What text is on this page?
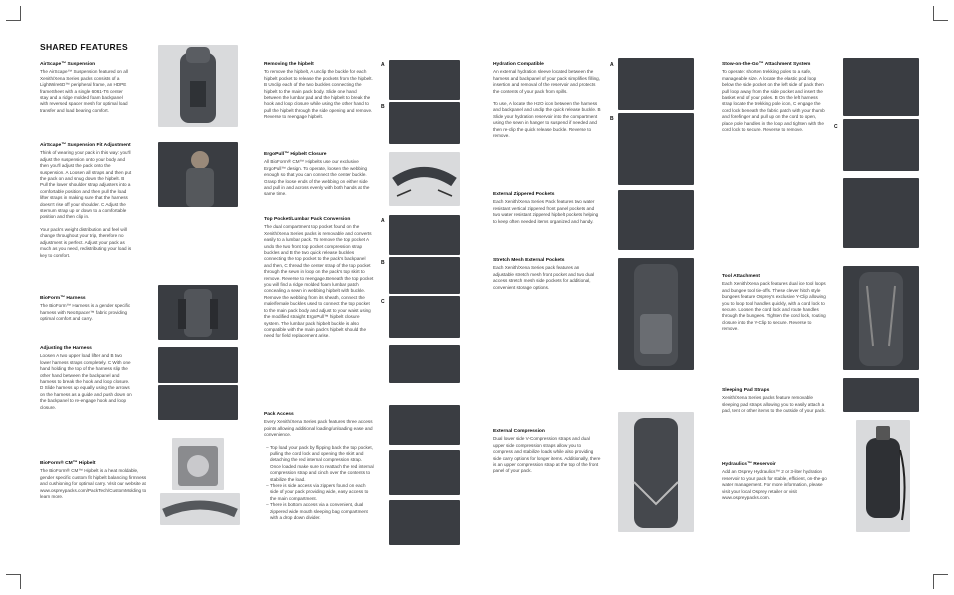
SHARED FEATURES
AirScape™ Suspension

The AirScape™ Suspension featured on all Xenith/Xena Series packs consists of a LightWire6D™ peripheral frame, an HDPE frameSheet with a single 6061-T6 center stay and a ridge molded foam backpanel with reversed spacer mesh for optimal load transfer and load bearing comfort.

AirScape™ Suspension Fit Adjustment

Think of wearing your pack in this way: you'll adjust the suspension onto your body and then you'll adjust the pack onto the suspension. A Loosen all straps and then put the pack on and snug down the hipbelt. B Pull the lower shoulder strap adjusters into a comfortable position and then pull the load lifter straps in making sure that the harness doesn't rise off your shoulder. C Adjust the sternum strap up or down to a comfortable position and then clip in.

Your pack's weight distribution and feel will change throughout your trip, therefore no adjustment is perfect. Adjust your pack as much as you need, redistributing your load is key to comfort.

BioForm™ Harness

The BioForm™ Harness is a gender specific harness with NeoSpacer™ fabric providing optimal comfort and carry.

Adjusting the Harness

Loosen A two upper load lifter and B two lower harness straps completely. C With one hand holding the top of the harness slip the other hand between the backpanel and harness to break the hook and loop closure. D Slide harness up equally using the arrows on the harness as a guide and push down on the backpanel to re-engage hook and loop closure.

BioForm® CM™ Hipbelt

The BioForm® CM™ Hipbelt is a heat moldable, gender specific custom fit hipbelt balancing firmness and cushioning for optimal carry. Visit our website at www.ospreypacks.com/PackTech/CustomMolding to learn more.

Removing the hipbelt

To remove the hipbelt, A unclip the buckle for each hipbelt pocket to release the pockets from the hipbelt. B Unclip each of the two buckles connecting the hipbelt to the main pack body. Slide one hand between the lumbar pad and the hipbelt to break the hook and loop closure while using the other hand to pull the hipbelt through the side opening and remove. Reverse to reengage hipbelt.

ErgoPull™ Hipbelt Closure

All BioForm® CM™ Hipbelts use our exclusive ErgoPull™ design. To operate, loosen the webbing enough so that you can connect the center buckle. Grasp the loose ends of the webbing on either side and pull in and across evenly with both hands at the same time.

Top Pocket/Lumbar Pack Conversion

The dual compartment top pocket found on the Xenith/Xena Series packs is removable and converts easily to a lumbar pack. To remove the top pocket A undo the two front top pocket compression strap buckles and B the two quick release buckles connecting the top pocket to the pack's backpanel and then, C thread the center strap of the top pocket through the sewn in loop on the pack's top skirt to remove. Reverse to reengage.Beneath the top pocket you will find a ridge molded foam lumbar patch concealing a sewn in webbing hipbelt with buckle. Remove the webbing from its sheath, connect the male/female buckles used to connect the top pocket to the main pack body and adjust to your waist using the modified straight ErgoPull™ hipbelt closure system. The lumbar pack hipbelt buckle is also compatible with the main pack's hipbelt should the need for field replacement arise.

Pack Access

Every Xenith/Xena Series pack features three access points allowing additional loading/unloading ease and convenience.

– Top load your pack by flipping back the top pocket, pulling the cord lock and opening the skirt and detaching the red internal compression strap. Once loaded make sure to reattach the red internal compression strap and cinch over the contents to stabilize the load.
– There is side access via zippers found on each side of your pack providing wide, easy access to the main compartment.
– There is bottom access via a convenient, dual zippered wide mouth sleeping bag compartment with a drop down divider.
A
B
A
B
C
Hydration Compatible

An external hydration sleeve located between the harness and backpanel of your pack simplifies filling, insertion and removal of the reservoir and protects the contents of your pack from spills.

To use, A locate the H2O icon between the harness and backpanel and undip the quick release buckle. B Slide your hydration reservoir into the compartment using the sewn in hanger to suspend if needed and then re-clip the quick release buckle. Reverse to remove.

External Zippered Pockets

Each Xenith/Xena Series Pack features two water resistant vertical zippered front panel pockets and two water resistant zippered hipbelt pockets helping to keep often needed items organized and handy.

Stretch Mesh External Pockets

Each Xenith/Xena Series pack features an adjustable stretch mesh front pocket and two dual access stretch mesh side pockets for additional, convenient storage options.

External Compression

Dual lower side V-Compression straps and dual upper side compression straps allow you to compress and stabilize loads while also providing side carry options for longer items. Additionally, there is an upper compression strap at the top of the front panel of your pack.

A
B
Stow-on-the-Go™ Attachment System

To operate: shorten trekking poles to a safe, manageable size. A locate the elastic pod loop below the side pocket on the left side of pack then pull loop away from the side pocket and insert the basket end of your poles. B On the left harness strap locate the trekking pole icon, C engage the cord lock beneath the fabric patch with your thumb and forefinger and pull up on the cord to open, place pole handles in the loop and tighten with the cord lock to secure. Reverse to remove.

Tool Attachment

Each Xenith/Xena pack features dual ice tool loops and bungee tool tie-offs. These clever hitch style bungees feature Osprey's exclusive Y-Clip allowing you to loop tool handles quickly, with a cord lock to secure. Loosen the cord lock and route handles through the bungees. Tighten the cord lock, routing closure into the Y-Clip to secure. Reverse to remove.

Sleeping Pad Straps

Xenith/Xena Series packs feature removable sleeping pad straps allowing you to easily attach a pad, tent or other items to the outside of your pack.

Hydraulics™ Reservoir

Add an Osprey Hydraulics™ 2 or 3-liter hydration reservoir to your pack for stable, efficient, on-the-go water management. For more information, please visit your local Osprey retailer or visit www.ospreypacks.com.

C
